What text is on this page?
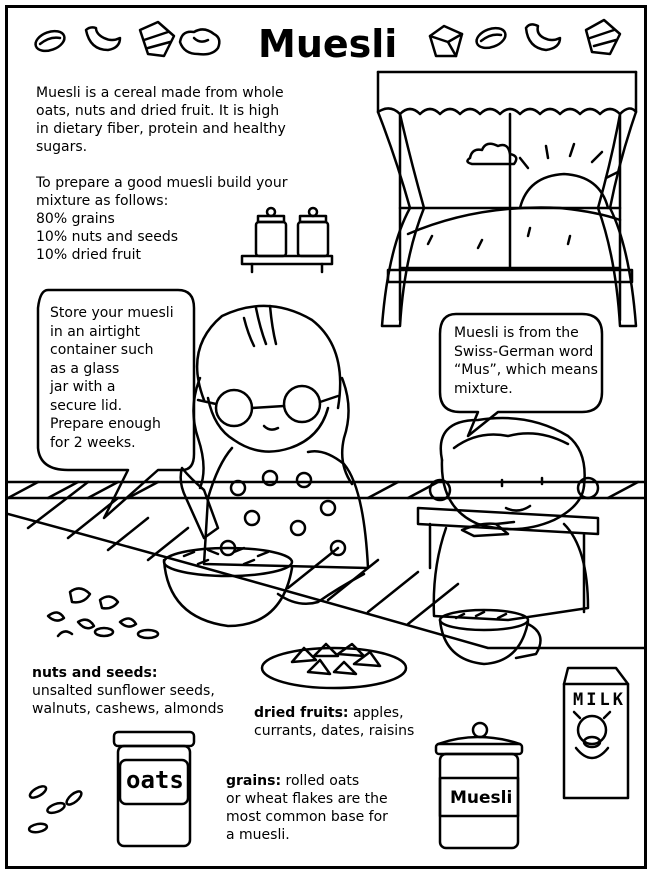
Muesli
Muesli is a cereal made from whole
oats, nuts and dried fruit. It is high
in dietary fiber, protein and healthy
sugars.
To prepare a good muesli build your
mixture as follows:
80% grains
10% nuts and seeds
10% dried fruit
Store your muesli
in an airtight
container such
as a glass
jar with a
secure lid.
Prepare enough
for 2 weeks.
Muesli is from the
Swiss-German word
“Mus”, which means
mixture.

nuts and seeds:
unsalted sunflower seeds,
walnuts, cashews, almonds	dried fruits: apples,
currants, dates, raisins
grains: rolled oats
or wheat flakes are the
most common base for
a muesli.
oats
Muesli
MILK
